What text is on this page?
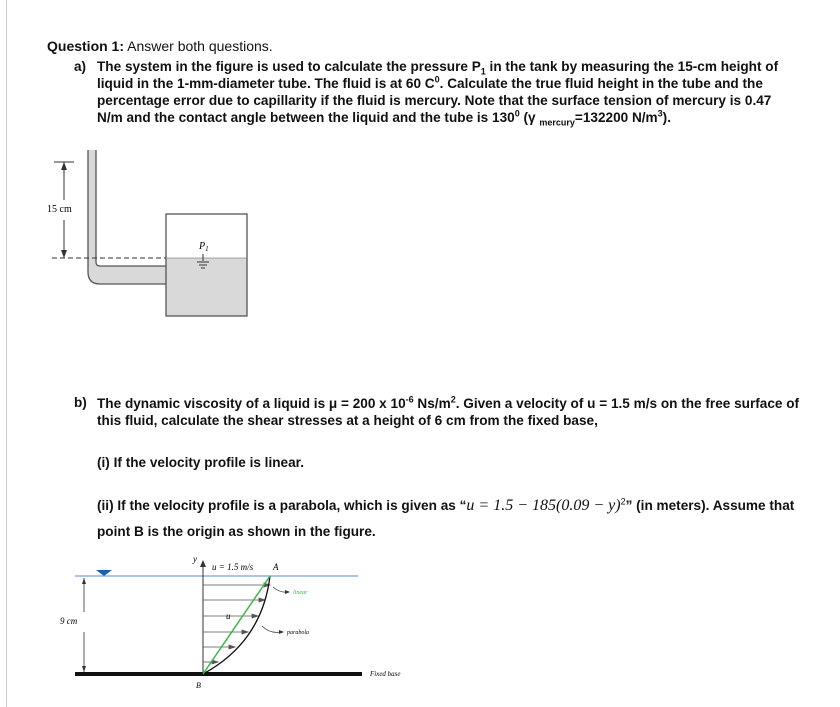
Question 1: Answer both questions.
a) The system in the figure is used to calculate the pressure $P_1$ in the tank by measuring the 15-cm height of liquid in the 1-mm-diameter tube. The fluid is at 60 $C^0$. Calculate the true fluid height in the tube and the percentage error due to capillarity if the fluid is mercury. Note that the surface tension of mercury is 0.47 N/m and the contact angle between the liquid and the tube is $130^0$ (γ $_{mercury}$=132200 $N/m^3$).
15 cm
$P_1$
b) The dynamic viscosity of a liquid is μ = 200 x $10^{-6}$ $Ns/m^2$. Given a velocity of u = 1.5 m/s on the free surface of this fluid, calculate the shear stresses at a height of 6 cm from the fixed base,
(i) If the velocity profile is linear.
(ii) If the velocity profile is a parabola, which is given as “$u = 1.5 - 185(0.09 - y)^2$” (in meters). Assume that point B is the origin as shown in the figure.
9 cm
y
u = 1.5 m/s A
u
linear
parabola
Fixed base
B
